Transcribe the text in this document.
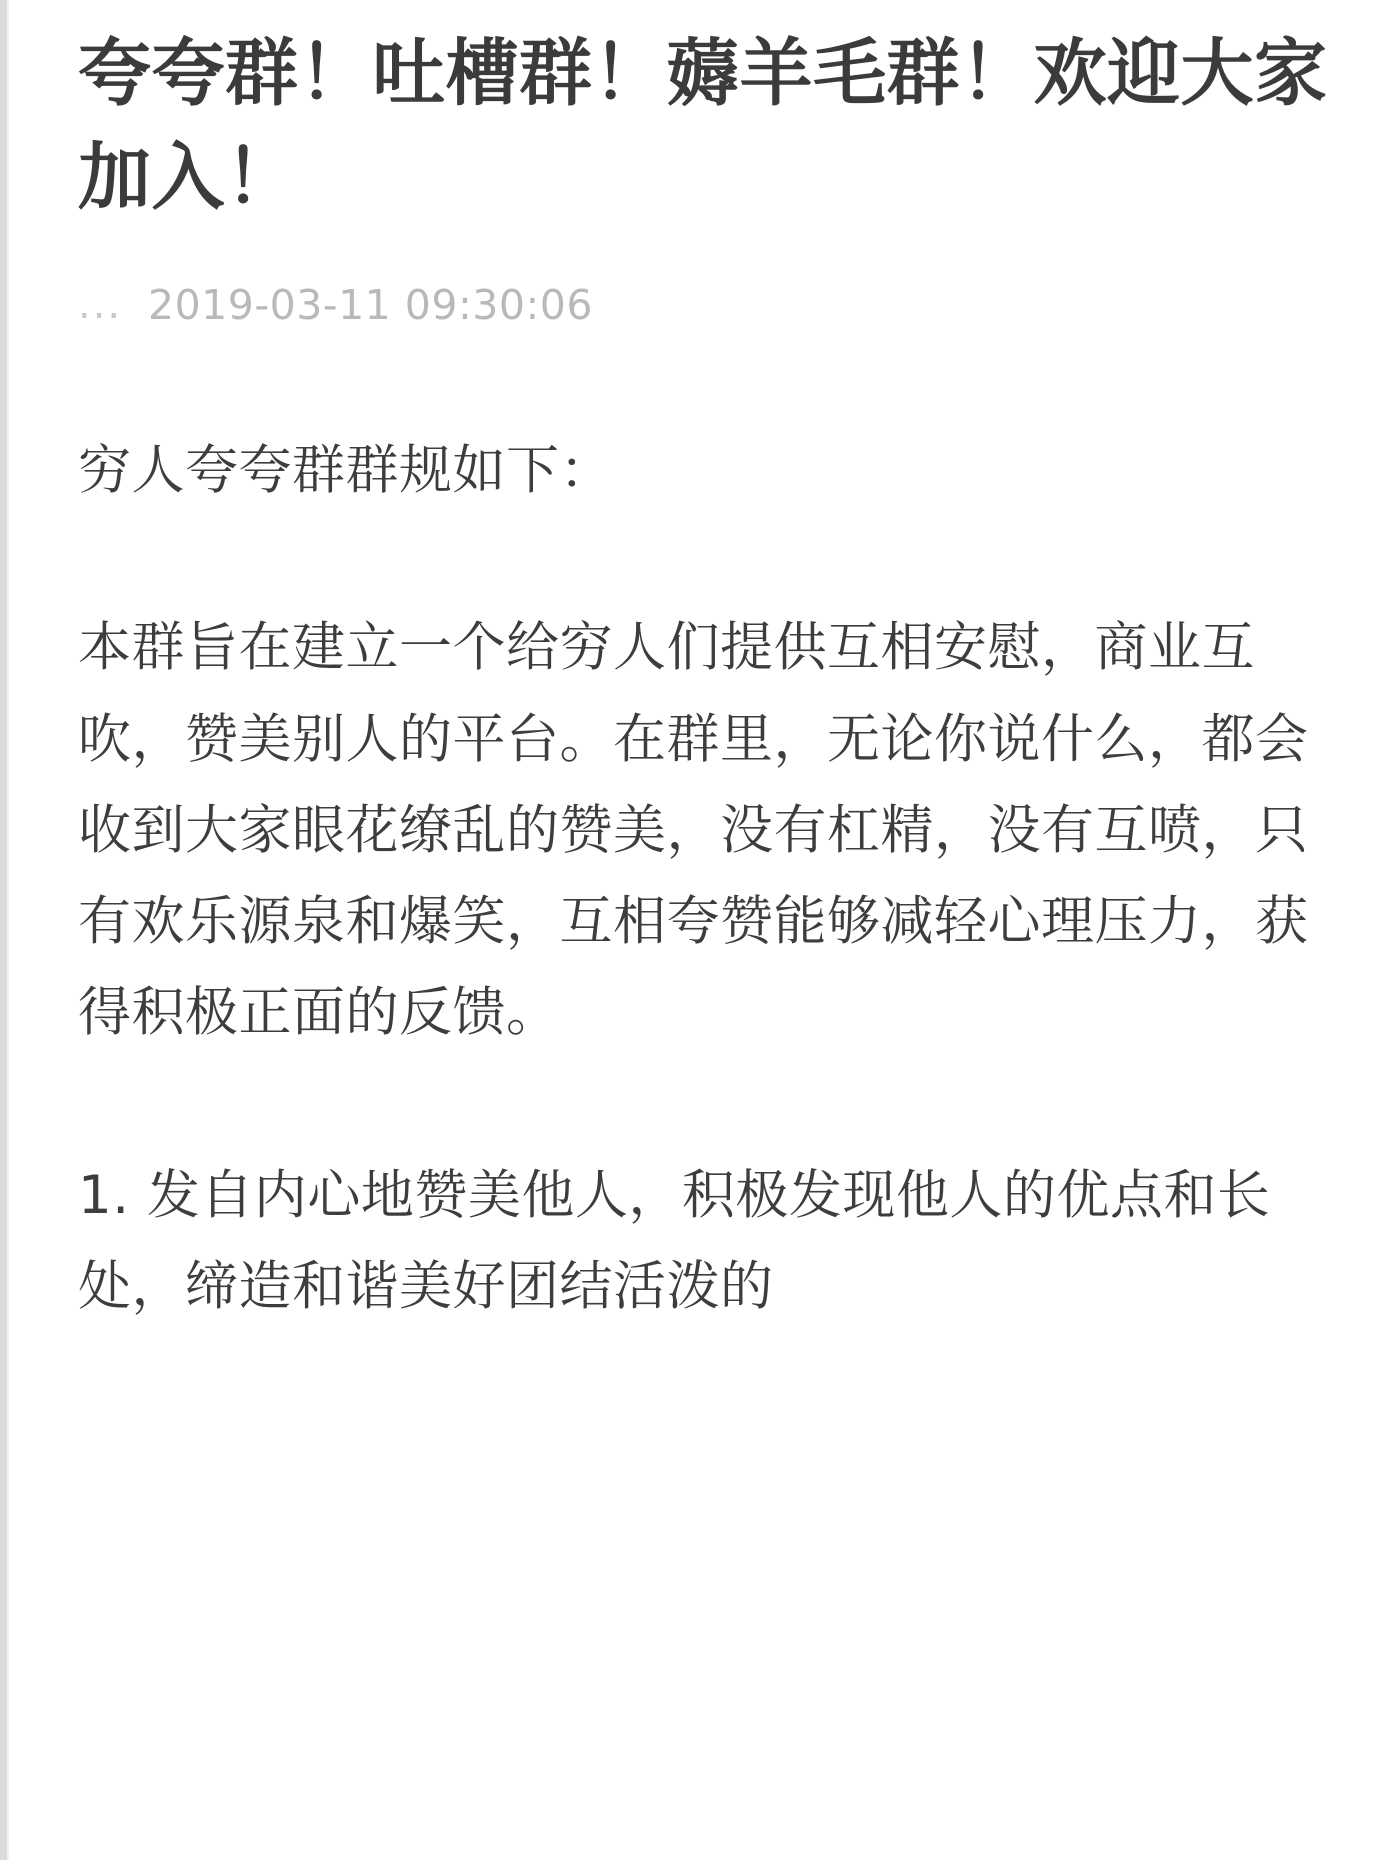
夸夸群！吐槽群！薅羊毛群！欢迎大家加入！
... 2019-03-11 09:30:06

穷人夸夸群群规如下：

本群旨在建立一个给穷人们提供互相安慰，商业互吹，赞美别人的平台。在群里，无论你说什么，都会收到大家眼花缭乱的赞美，没有杠精，没有互喷，只有欢乐源泉和爆笑，互相夸赞能够减轻心理压力，获得积极正面的反馈。

1. 发自内心地赞美他人，积极发现他人的优点和长处，缔造和谐美好团结活泼的
